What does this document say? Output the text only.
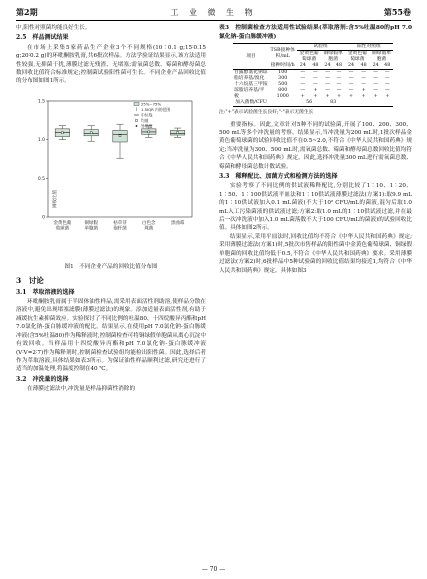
第2期	工 业 微 生 物	第55卷

中,阳性对照菌均能良好生长。

2.5　样品测试结果

在市场上采集5家药品生产企业3个不同规格(10∶0.1 g;15∶0.15 g;20∶0.2 g)的环吡酮胺乳膏,共6批次样品。方法学验证结果显示,该方法适用性较强,无抑菌干扰,薄膜过滤无残渣、无堵塞;需氧菌总数、霉菌和酵母菌总数回收比值符合标准规定;控制菌试验阳性菌可生长。不同企业产品回收比值的分布图如图1所示。

0
0.5
1.0
1.5
回收比值
金黄色葡
萄球菌
铜绿假
单胞菌
枯草芽
孢杆菌
白色念
珠菌
黑曲霉
25%~75%
1.5IQR 内的范围
中位线
均值
异常值

图1　不同企业产品的回收比值分布图

3　讨论

3.1　萃取溶液的选择

环吡酮胺乳膏属于半固体油性样品,需采用表面活性剂助溶,使样品分散在溶液中,避免出现堵塞滤膜(薄膜过滤法)的现象。添加适量表面活性剂,有助于减缓抗生素抑菌效应。实验探讨了不同比例的吐温80、十四烷酸异丙酯和pH 7.0氯化钠-蛋白胨缓冲液的配比。结果显示,在使用pH 7.0氯化钠-蛋白胨缓冲液(含5%吐温80)作为稀释液时,控制菌检查可将铜绿假单胞菌从离心沉淀中有效回收。当样品用十四烷酸异丙酯和pH 7.0氯化钠-蛋白胨缓冲液(V∶V=2∶7)作为稀释剂时,控制菌检查试验组均能检出阳性菌。因此,选择后者作为萃取溶液,具体结果如表3所示。为保证油性样品顺利过滤,研究还进行了适当的加温处理,将温度控制在40 ℃。

3.2　冲洗量的选择

在薄膜过滤法中,冲洗量是样品抑菌性消除的

表3　控制菌检查方法适用性试验结果(萃取溶剂:含5%吐温80的pH 7.0氯化钠-蛋白胨缓冲液)

项目	TSB接种体积/mL	试验组				阳性对照组			
		金黄色葡萄球菌		铜绿假单胞菌		金黄色葡萄球菌		铜绿假单胞菌	
	接种时间/h	24	48	24	48	24	48	24	48
甘露醇氯化钠琼脂培养基/溴化十六烷基三甲铵琼脂培养基/平板	100	—	—	—	—	—	—	—	—
	300	—	—	—	—	—	—	—	—
	500	—	—	—	—	—	—	—	—
	800	—	+	—	—	—	+	—	—
	1000	+	+	+	+	+	+	+	+
加入菌数/CFU		56		83					

注:"+"表示试验菌生长良好;"-"表示无菌生长

重要指标。因此,文章针对5种不同的试验菌,开展了100、200、300、500 mL等多个冲洗量的考察。结果显示,当冲洗量为200 mL时,1批次样品金黄色葡萄球菌的试验回收比值不在0.5~2.0,不符合《中华人民共和国药典》规定;当冲洗量为300、500 mL时,需氧菌总数、霉菌和酵母菌总数回收比值均符合《中华人民共和国药典》规定。因此,选择冲洗量300 mL进行需氧菌总数、霉菌和酵母菌总数计数试验。

3.3　稀释配比、加菌方式和检测方法的选择

实验考察了不同比例的供试液稀释配比,分别比较了1∶10、1∶20、1∶50、1∶100供试液平皿法和1∶10供试液薄膜过滤法(方案1):取9.9 mL的1∶10供试液加入0.1 mL菌液(不大于10² CFU/mL的菌液,混匀后取1.0 mL入工污染菌液的供试液过滤;方案2:取1.0 mL的1∶10供试液过滤,并在最后一次冲洗液中加入1.0 mL菌落数不大于100 CFU/mL的菌液)的试验回收比值。具体如图2所示。

结果显示,采用平皿法时,回收比值均不符合《中华人民共和国药典》规定;采用薄膜过滤法(方案1)时,5批次市售样品的阳性菌中金黄色葡萄球菌、铜绿假单胞菌的回收比值均低于0.5,不符合《中华人民共和国药典》要求。采用薄膜过滤法(方案2)时,6批样品中5种试验菌的回收比值结果均接近1,均符合《中华人民共和国药典》规定。具体如图3

— 70 —
